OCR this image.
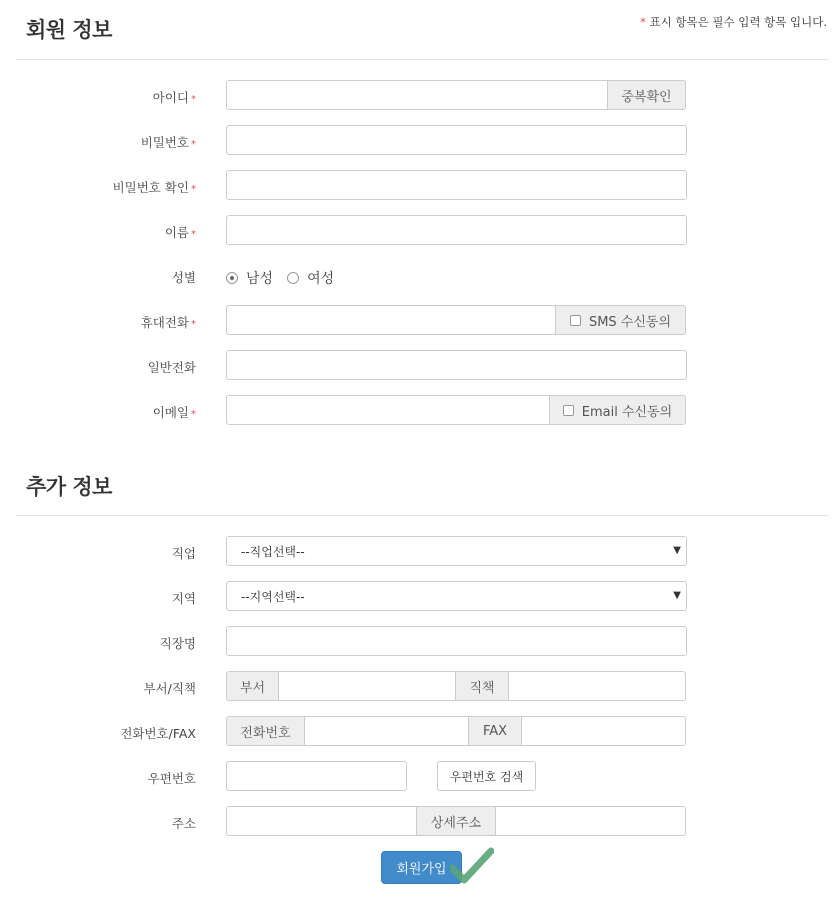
회원 정보	* 표시 항목은 필수 입력 항목 입니다.
아이디 *	중복확인
비밀번호 *
비밀번호 확인 *
이름 *
성별	남성 여성
휴대전화 *	SMS 수신동의
일반전화
이메일 *	Email 수신동의
추가 정보
직업	--직업선택--	▼
지역	--지역선택--	▼
직장명
부서/직책	부서	직책
전화번호/FAX	전화번호	FAX
우편번호	우편번호 검색
주소	상세주소
회원가입
